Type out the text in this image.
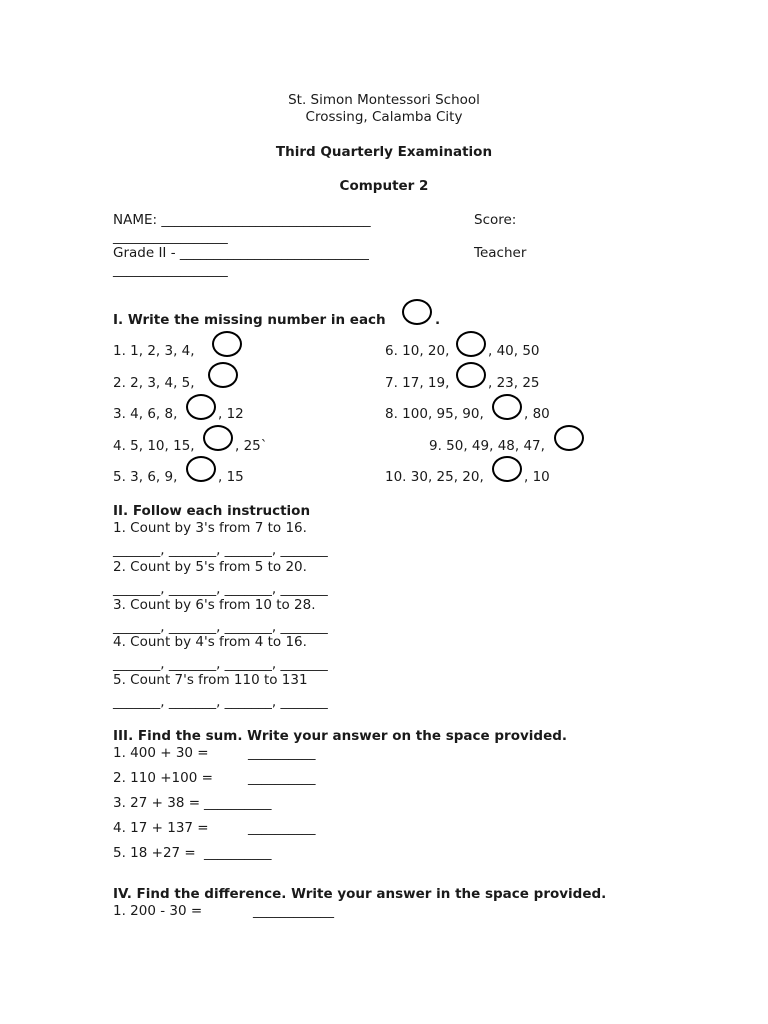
St. Simon Montessori School
Crossing, Calamba City
Third Quarterly Examination
Computer 2
NAME: _______________________________	Score:
_________________
Grade II - ____________________________	Teacher
_________________
I. Write the missing number in each	.
1. 1, 2, 3, 4,
2. 2, 3, 4, 5,
3. 4, 6, 8,	, 12
4. 5, 10, 15,	, 25`
5. 3, 6, 9,	, 15
6. 10, 20,	, 40, 50
7. 17, 19,	, 23, 25
8. 100, 95, 90,	, 80
9. 50, 49, 48, 47,
10. 30, 25, 20,	, 10
II. Follow each instruction
1. Count by 3's from 7 to 16.
_______, _______, _______, _______
2. Count by 5's from 5 to 20.
_______, _______, _______, _______
3. Count by 6's from 10 to 28.
_______, _______, _______, _______
4. Count by 4's from 4 to 16.
_______, _______, _______, _______
5. Count 7's from 110 to 131
_______, _______, _______, _______
III. Find the sum. Write your answer on the space provided.
1. 400 + 30 =	__________
2. 110 +100 =	__________
3. 27 + 38 = __________
4. 17 + 137 =	__________
5. 18 +27 = __________
IV. Find the difference. Write your answer in the space provided.
1. 200 - 30 =	____________
